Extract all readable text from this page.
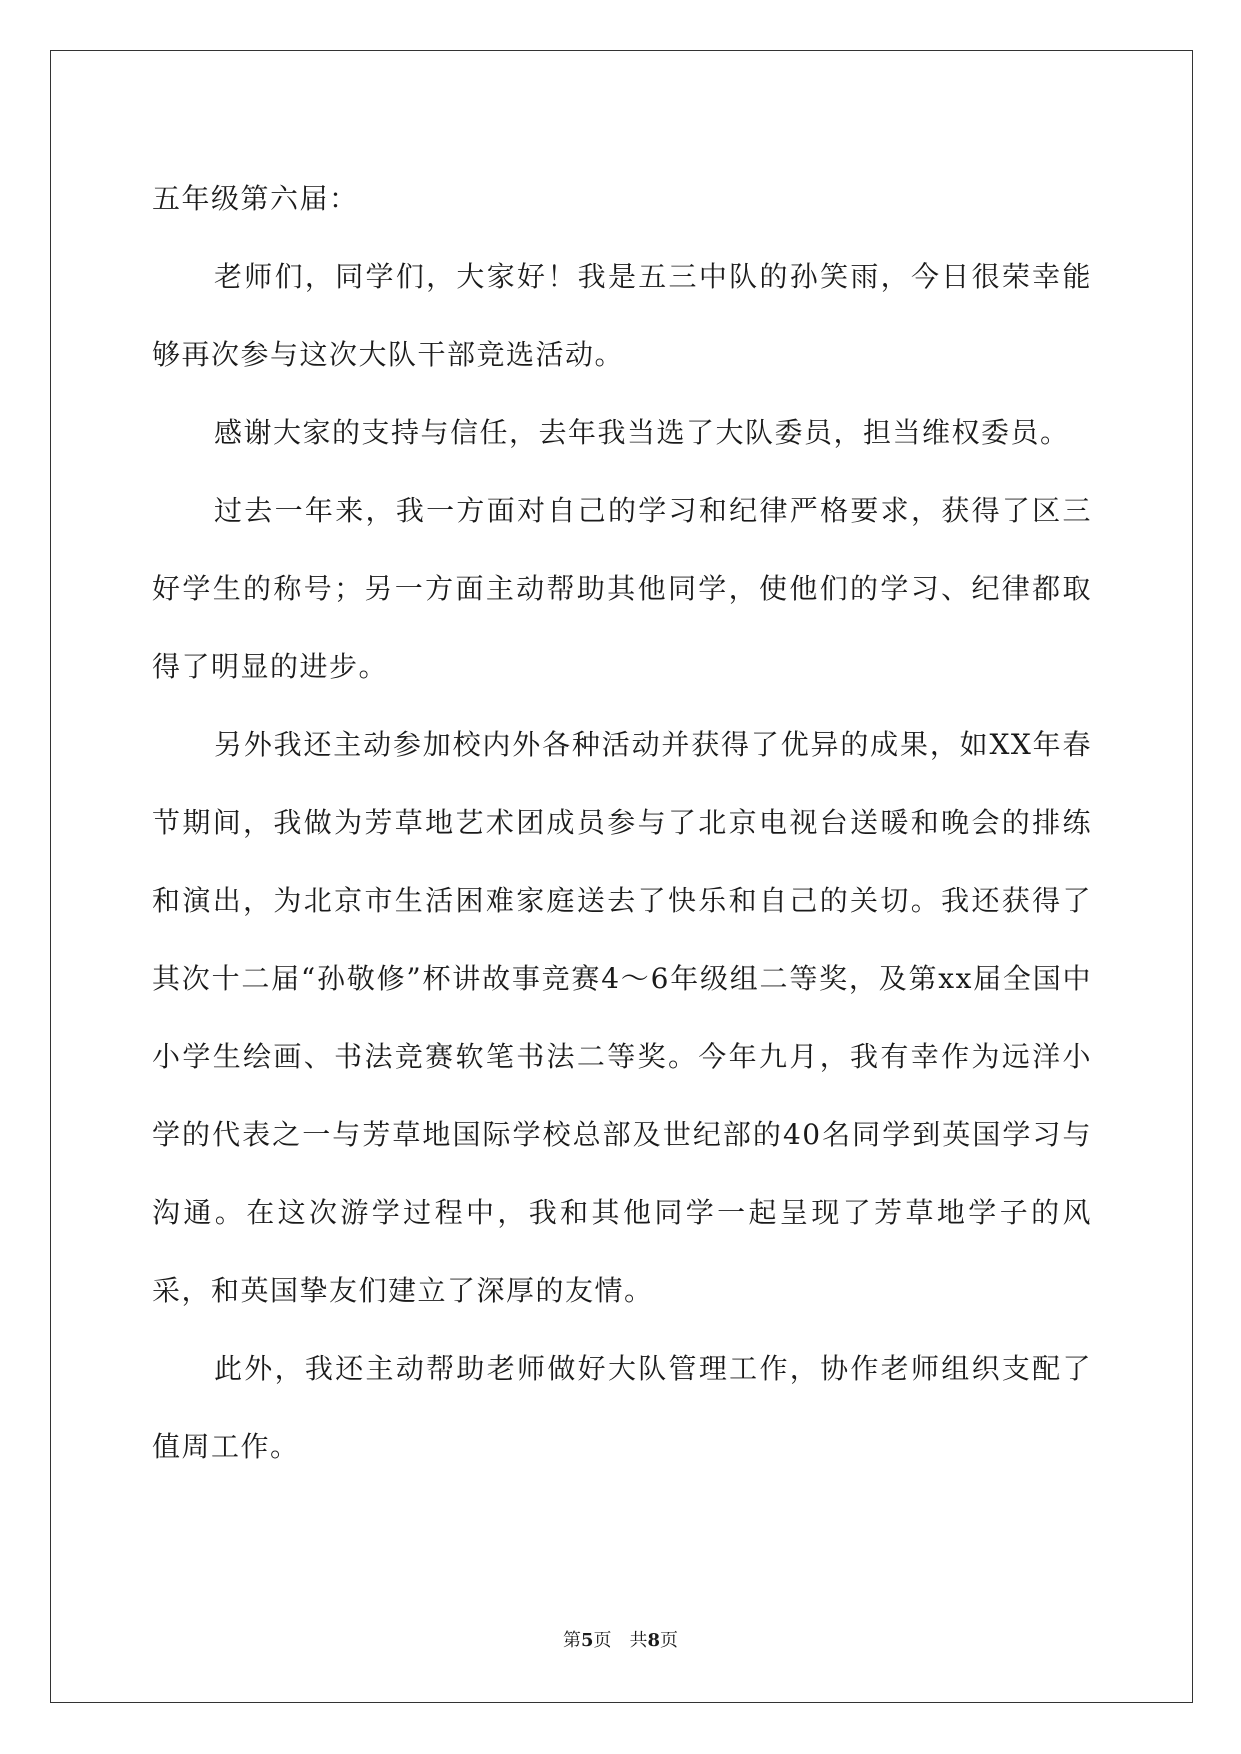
五年级第六届：

老师们，同学们，大家好！我是五三中队的孙笑雨，今日很荣幸能够再次参与这次大队干部竞选活动。

感谢大家的支持与信任，去年我当选了大队委员，担当维权委员。

过去一年来，我一方面对自己的学习和纪律严格要求，获得了区三好学生的称号；另一方面主动帮助其他同学，使他们的学习、纪律都取得了明显的进步。

另外我还主动参加校内外各种活动并获得了优异的成果，如XX年春节期间，我做为芳草地艺术团成员参与了北京电视台送暖和晚会的排练和演出，为北京市生活困难家庭送去了快乐和自己的关切。我还获得了其次十二届“孙敬修”杯讲故事竞赛4～6年级组二等奖，及第xx届全国中小学生绘画、书法竞赛软笔书法二等奖。今年九月，我有幸作为远洋小学的代表之一与芳草地国际学校总部及世纪部的40名同学到英国学习与沟通。在这次游学过程中，我和其他同学一起呈现了芳草地学子的风采，和英国挚友们建立了深厚的友情。

此外，我还主动帮助老师做好大队管理工作，协作老师组织支配了值周工作。

第5页　共8页
